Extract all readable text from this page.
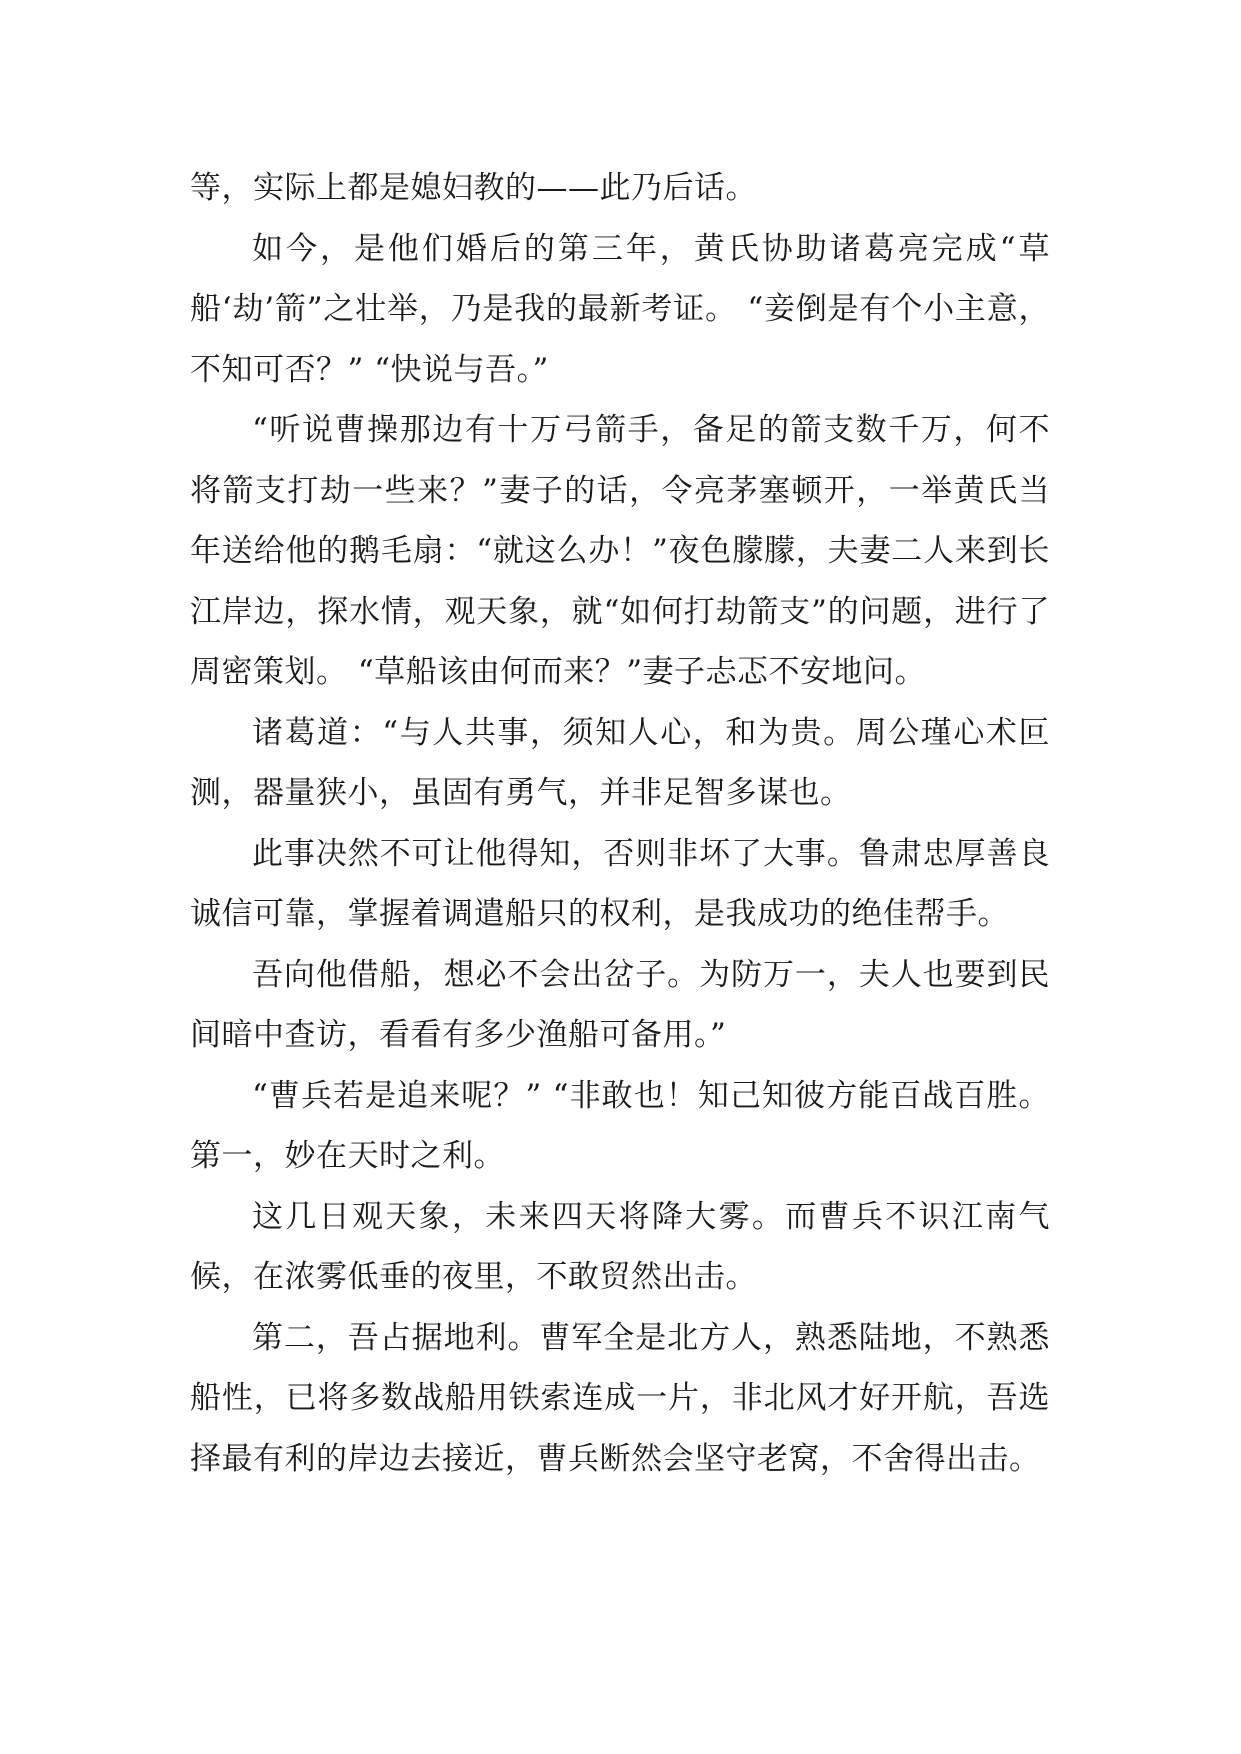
等，实际上都是媳妇教的——此乃后话。

如今，是他们婚后的第三年，黄氏协助诸葛亮完成“草船‘劫’箭”之壮举，乃是我的最新考证。 “妾倒是有个小主意，不知可否？” “快说与吾。”

“听说曹操那边有十万弓箭手，备足的箭支数千万，何不将箭支打劫一些来？”妻子的话，令亮茅塞顿开，一举黄氏当年送给他的鹅毛扇：“就这么办！”夜色朦朦，夫妻二人来到长江岸边，探水情，观天象，就“如何打劫箭支”的问题，进行了周密策划。 “草船该由何而来？”妻子忐忑不安地问。

诸葛道：“与人共事，须知人心，和为贵。周公瑾心术叵测，器量狭小，虽固有勇气，并非足智多谋也。

此事决然不可让他得知，否则非坏了大事。鲁肃忠厚善良诚信可靠，掌握着调遣船只的权利，是我成功的绝佳帮手。

吾向他借船，想必不会出岔子。为防万一，夫人也要到民间暗中查访，看看有多少渔船可备用。”

“曹兵若是追来呢？” “非敢也！知己知彼方能百战百胜。第一，妙在天时之利。

这几日观天象，未来四天将降大雾。而曹兵不识江南气候，在浓雾低垂的夜里，不敢贸然出击。

第二，吾占据地利。曹军全是北方人，熟悉陆地，不熟悉船性，已将多数战船用铁索连成一片，非北风才好开航，吾选择最有利的岸边去接近，曹兵断然会坚守老窝，不舍得出击。
